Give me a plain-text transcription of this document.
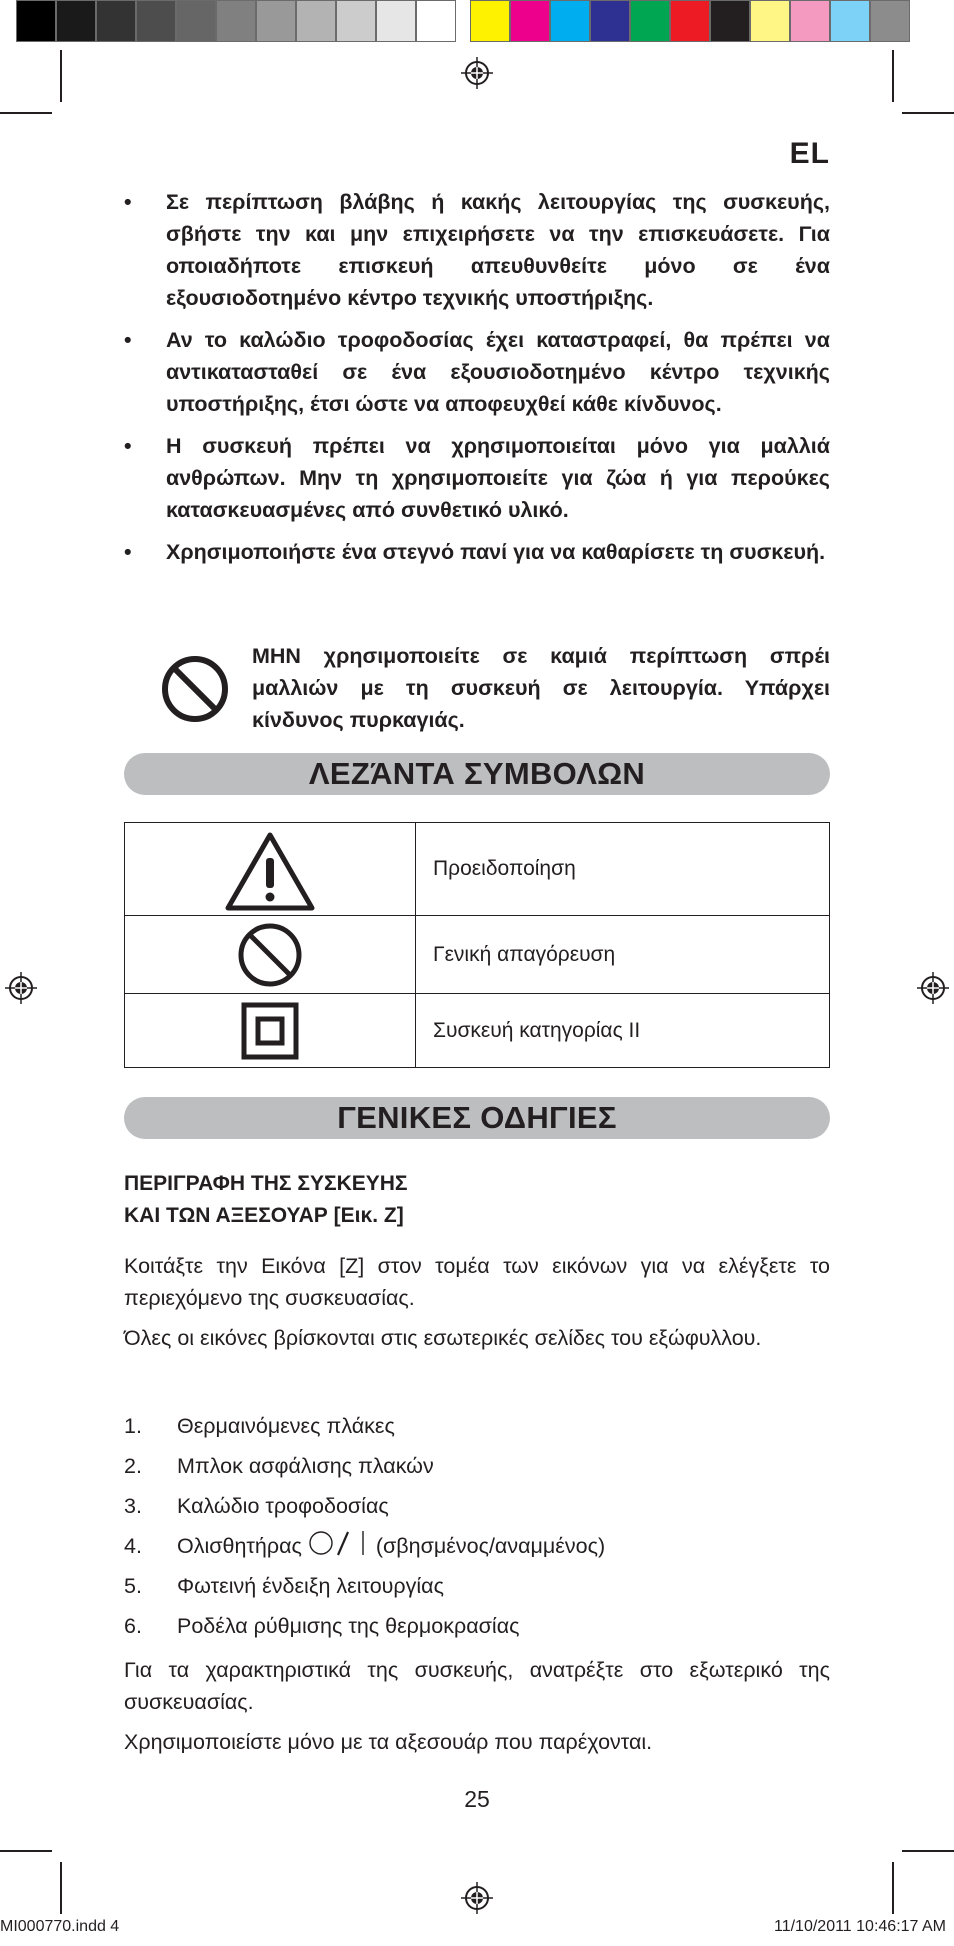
EL
• Σε περίπτωση βλάβης ή κακής λειτουργίας της συσκευής, σβήστε την και μην επιχειρήσετε να την επισκευάσετε. Για οποιαδήποτε επισκευή απευθυνθείτε μόνο σε ένα εξουσιοδοτημένο κέντρο τεχνικής υποστήριξης.
• Αν το καλώδιο τροφοδοσίας έχει καταστραφεί, θα πρέπει να αντικατασταθεί σε ένα εξουσιοδοτημένο κέντρο τεχνικής υποστήριξης, έτσι ώστε να αποφευχθεί κάθε κίνδυνος.
• Η συσκευή πρέπει να χρησιμοποιείται μόνο για μαλλιά ανθρώπων. Μην τη χρησιμοποιείτε για ζώα ή για περούκες κατασκευασμένες από συνθετικό υλικό.
• Χρησιμοποιήστε ένα στεγνό πανί για να καθαρίσετε τη συσκευή.
ΜΗΝ χρησιμοποιείτε σε καμιά περίπτωση σπρέι μαλλιών με τη συσκευή σε λειτουργία. Υπάρχει κίνδυνος πυρκαγιάς.
ΛΕΖΆΝΤΑ ΣΥΜΒΟΛΩΝ
	Προειδοποίηση

	Γενική απαγόρευση

	Συσκευή κατηγορίας II
ΓΕΝΙΚΕΣ ΟΔΗΓΙΕΣ
ΠΕΡΙΓΡΑΦΗ ΤΗΣ ΣΥΣΚΕΥΗΣ
ΚΑΙ ΤΩΝ ΑΞΕΣΟΥΑΡ [Εικ. Ζ]
Κοιτάξτε την Εικόνα [Ζ] στον τομέα των εικόνων για να ελέγξετε το περιεχόμενο της συσκευασίας.
Όλες οι εικόνες βρίσκονται στις εσωτερικές σελίδες του εξώφυλλου.
1. Θερμαινόμενες πλάκες
2. Μπλοκ ασφάλισης πλακών
3. Καλώδιο τροφοδοσίας
4. Ολισθητήρας	(σβησμένος/αναμμένος)
5. Φωτεινή ένδειξη λειτουργίας
6. Ροδέλα ρύθμισης της θερμοκρασίας
Για τα χαρακτηριστικά της συσκευής, ανατρέξτε στο εξωτερικό της συσκευασίας.
Χρησιμοποιείστε μόνο με τα αξεσουάρ που παρέχονται.
25
MI000770.indd 4	11/10/2011 10:46:17 AM
